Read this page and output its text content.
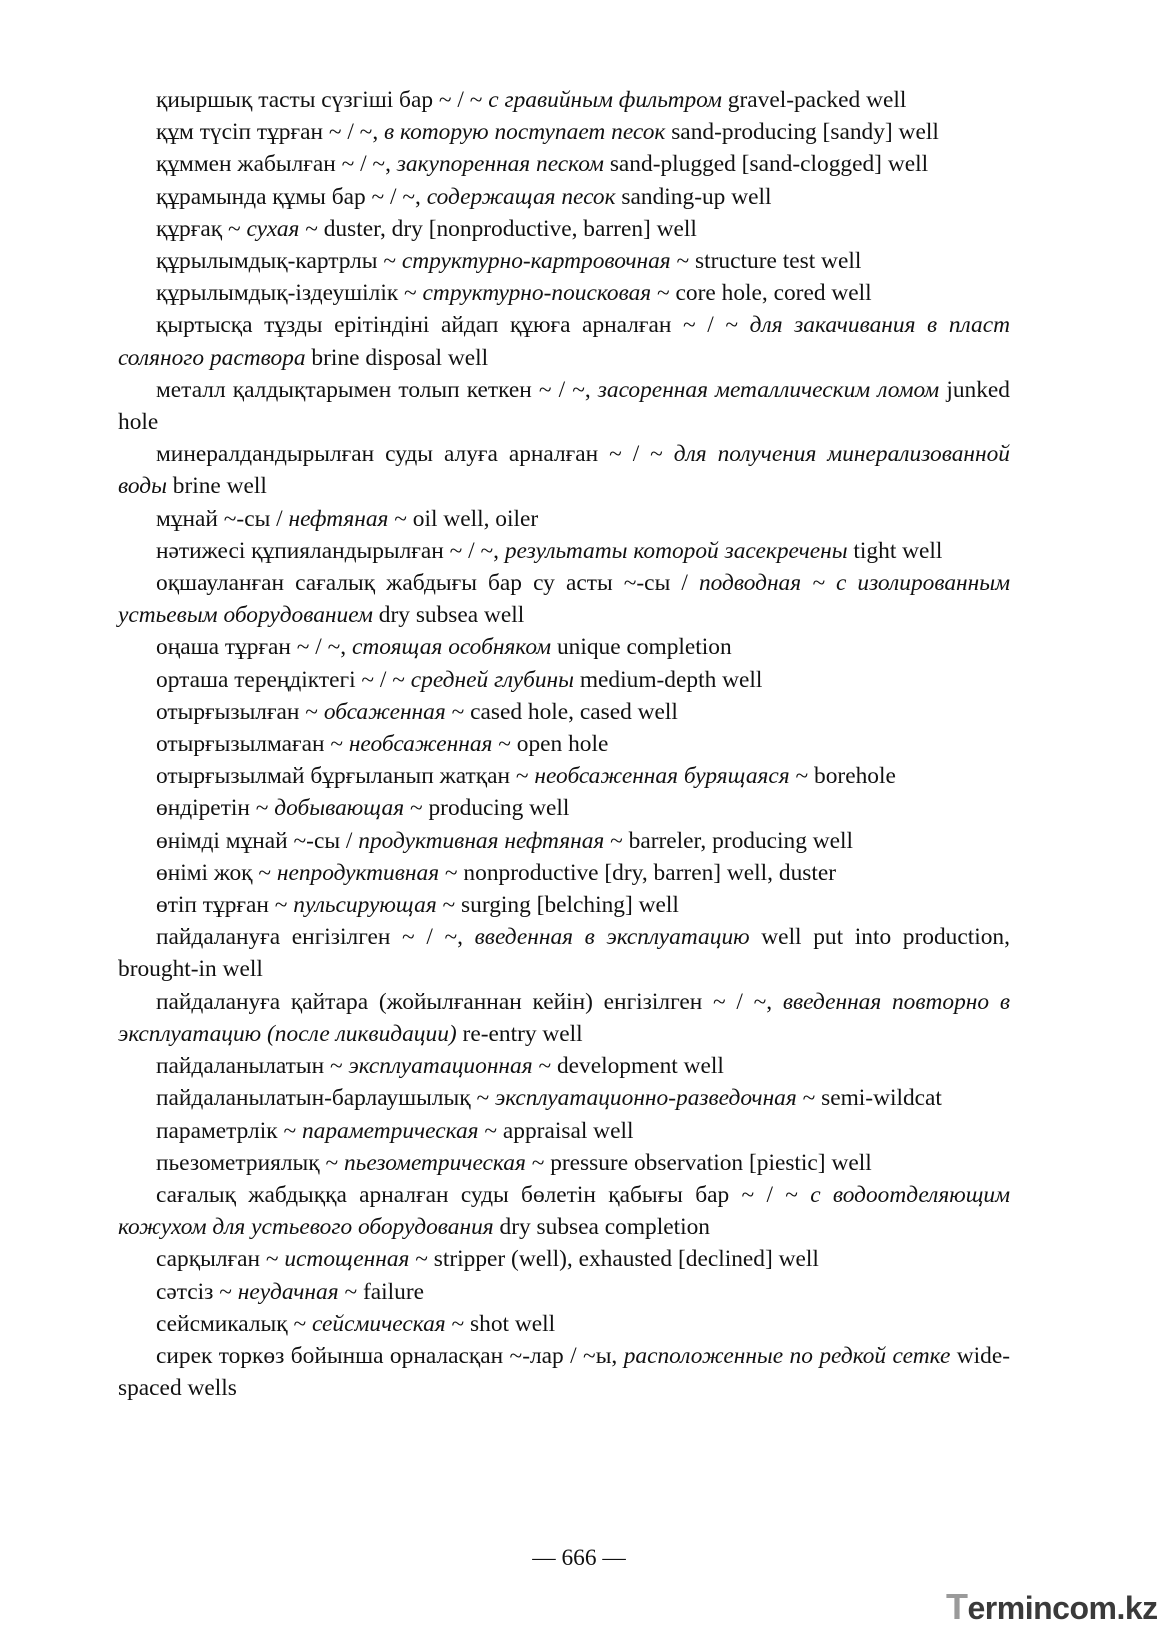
қиыршық тасты сүзгіші бар ~ / ~ с гравийным фильтром gravel-packed well

құм түсіп тұрған ~ / ~, в которую поступает песок sand-producing [sandy] well

құммен жабылған ~ / ~, закупоренная песком sand-plugged [sand-clogged] well

құрамында құмы бар ~ / ~, содержащая песок sanding-up well

құрғақ ~ сухая ~ duster, dry [nonproductive, barren] well

құрылымдық-картрлы ~ структурно-картровочная ~ structure test well

құрылымдық-іздеушілік ~ структурно-поисковая ~ core hole, cored well

қыртысқа тұзды ерітіндіні айдап құюға арналған ~ / ~ для закачивания в пласт соляного раствора brine disposal well

металл қалдықтарымен толып кеткен ~ / ~, засоренная металлическим ломом junked hole

минералдандырылған суды алуға арналған ~ / ~ для получения минерализованной воды brine well

мұнай ~-сы / нефтяная ~ oil well, oiler

нәтижесі құпияландырылған ~ / ~, результаты которой засекречены tight well

оқшауланған сағалық жабдығы бар су асты ~-сы / подводная ~ с изолированным устьевым оборудованием dry subsea well

оңаша тұрған ~ / ~, стоящая особняком unique completion

орташа тереңдіктегі ~ / ~ средней глубины medium-depth well

отырғызылған ~ обсаженная ~ cased hole, cased well

отырғызылмаған ~ необсаженная ~ open hole

отырғызылмай бұрғыланып жатқан ~ необсаженная бурящаяся ~ borehole

өндіретін ~ добывающая ~ producing well

өнімді мұнай ~-сы / продуктивная нефтяная ~ barreler, producing well

өнімі жоқ ~ непродуктивная ~ nonproductive [dry, barren] well, duster

өтіп тұрған ~ пульсирующая ~ surging [belching] well

пайдалануға енгізілген ~ / ~, введенная в эксплуатацию well put into production, brought-in well

пайдалануға қайтара (жойылғаннан кейін) енгізілген ~ / ~, введенная повторно в эксплуатацию (после ликвидации) re-entry well

пайдаланылатын ~ эксплуатационная ~ development well

пайдаланылатын-барлаушылық ~ эксплуатационно-разведочная ~ semi-wildcat

параметрлік ~ параметрическая ~ appraisal well

пьезометриялық ~ пьезометрическая ~ pressure observation [piestic] well

сағалық жабдыққа арналған суды бөлетін қабығы бар ~ / ~ с водоотделяющим кожухом для устьевого оборудования dry subsea completion

сарқылған ~ истощенная ~ stripper (well), exhausted [declined] well

сәтсіз ~ неудачная ~ failure

сейсмикалық ~ сейсмическая ~ shot well

сирек торкөз бойынша орналасқан ~-лар / ~ы, расположенные по редкой сетке wide-spaced wells

— 666 —
Termincom.kz
